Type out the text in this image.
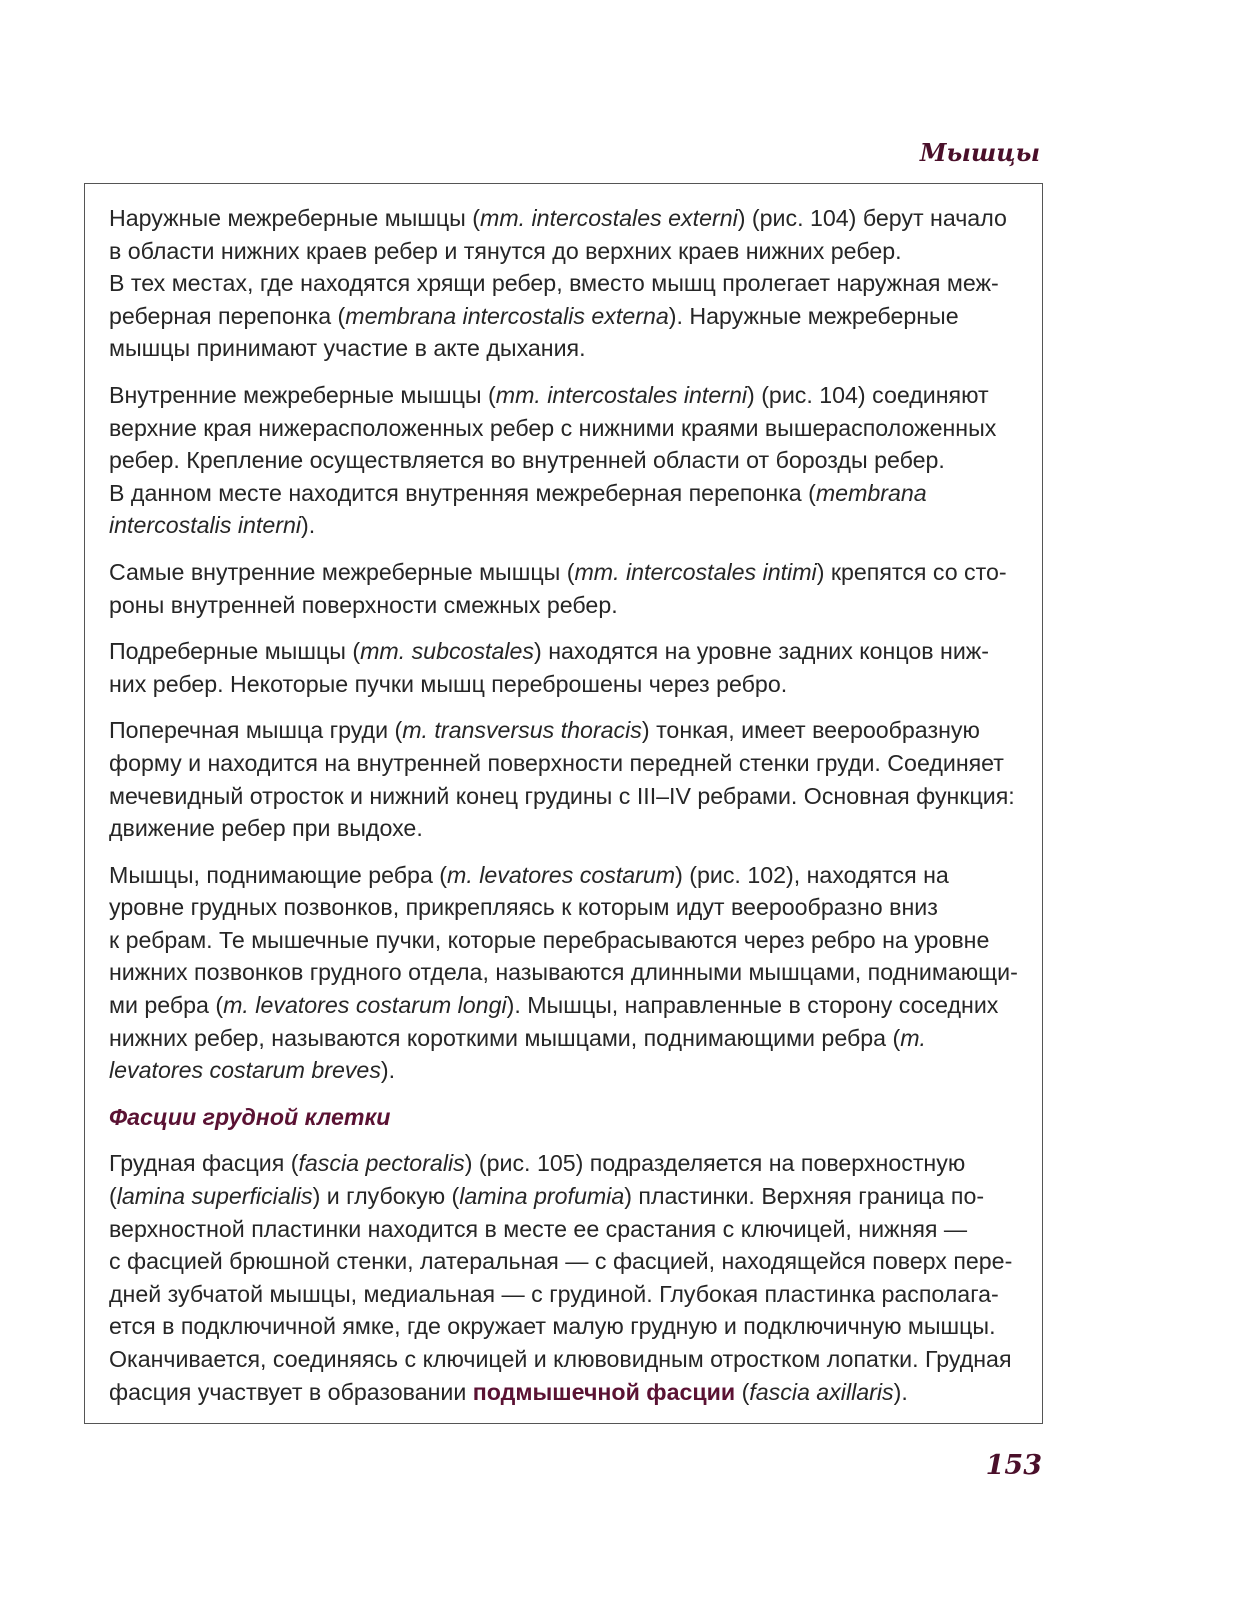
Мышцы
Наружные межреберные мышцы (mm. intercostales externi) (рис. 104) берут начало
в области нижних краев ребер и тянутся до верхних краев нижних ребер.
В тех местах, где находятся хрящи ребер, вместо мышц пролегает наружная меж-
реберная перепонка (membrana intercostalis externa). Наружные межреберные
мышцы принимают участие в акте дыхания.
Внутренние межреберные мышцы (mm. intercostales interni) (рис. 104) соединяют
верхние края нижерасположенных ребер с нижними краями вышерасположенных
ребер. Крепление осуществляется во внутренней области от борозды ребер.
В данном месте находится внутренняя межреберная перепонка (membrana
intercostalis interni).
Самые внутренние межреберные мышцы (mm. intercostales intimi) крепятся со сто-
роны внутренней поверхности смежных ребер.
Подреберные мышцы (mm. subcostales) находятся на уровне задних концов ниж-
них ребер. Некоторые пучки мышц переброшены через ребро.
Поперечная мышца груди (m. transversus thoracis) тонкая, имеет веерообразную
форму и находится на внутренней поверхности передней стенки груди. Соединяет
мечевидный отросток и нижний конец грудины с III–IV ребрами. Основная функция:
движение ребер при выдохе.
Мышцы, поднимающие ребра (m. levatores costarum) (рис. 102), находятся на
уровне грудных позвонков, прикрепляясь к которым идут веерообразно вниз
к ребрам. Те мышечные пучки, которые перебрасываются через ребро на уровне
нижних позвонков грудного отдела, называются длинными мышцами, поднимающи-
ми ребра (m. levatores costarum longi). Мышцы, направленные в сторону соседних
нижних ребер, называются короткими мышцами, поднимающими ребра (m.
levatores costarum breves).
Фасции грудной клетки
Грудная фасция (fascia pectoralis) (рис. 105) подразделяется на поверхностную
(lamina superficialis) и глубокую (lamina profumia) пластинки. Верхняя граница по-
верхностной пластинки находится в месте ее срастания с ключицей, нижняя —
с фасцией брюшной стенки, латеральная — с фасцией, находящейся поверх пере-
дней зубчатой мышцы, медиальная — с грудиной. Глубокая пластинка располага-
ется в подключичной ямке, где окружает малую грудную и подключичную мышцы.
Оканчивается, соединяясь с ключицей и клювовидным отростком лопатки. Грудная
фасция участвует в образовании подмышечной фасции (fascia axillaris).
153
